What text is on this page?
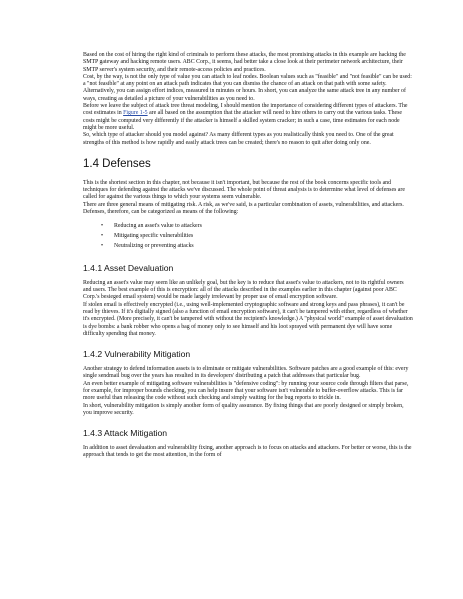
Based on the cost of hiring the right kind of criminals to perform these attacks, the most promising attacks in this example are hacking the SMTP gateway and hacking remote users. ABC Corp., it seems, had better take a close look at their perimeter network architecture, their SMTP server's system security, and their remote-access policies and practices.

Cost, by the way, is not the only type of value you can attach to leaf nodes. Boolean values such as "feasible" and "not feasible" can be used: a "not feasible" at any point on an attack path indicates that you can dismiss the chance of an attack on that path with some safety. Alternatively, you can assign effort indices, measured in minutes or hours. In short, you can analyze the same attack tree in any number of ways, creating as detailed a picture of your vulnerabilities as you need to.

Before we leave the subject of attack tree threat modeling, I should mention the importance of considering different types of attackers. The cost estimates in Figure 1-5 are all based on the assumption that the attacker will need to hire others to carry out the various tasks. These costs might be computed very differently if the attacker is himself a skilled system cracker; in such a case, time estimates for each node might be more useful.

So, which type of attacker should you model against? As many different types as you realistically think you need to. One of the great strengths of this method is how rapidly and easily attack trees can be created; there's no reason to quit after doing only one.

1.4 Defenses

This is the shortest section in this chapter, not because it isn't important, but because the rest of the book concerns specific tools and techniques for defending against the attacks we've discussed. The whole point of threat analysis is to determine what level of defenses are called for against the various things to which your systems seem vulnerable.

There are three general means of mitigating risk. A risk, as we've said, is a particular combination of assets, vulnerabilities, and attackers. Defenses, therefore, can be categorized as means of the following:

• Reducing an asset's value to attackers
• Mitigating specific vulnerabilities
• Neutralizing or preventing attacks
1.4.1 Asset Devaluation

Reducing an asset's value may seem like an unlikely goal, but the key is to reduce that asset's value to attackers, not to its rightful owners and users. The best example of this is encryption: all of the attacks described in the examples earlier in this chapter (against poor ABC Corp.'s besieged email system) would be made largely irrelevant by proper use of email encryption software.

If stolen email is effectively encrypted (i.e., using well-implemented cryptographic software and strong keys and pass phrases), it can't be read by thieves. If it's digitally signed (also a function of email encryption software), it can't be tampered with either, regardless of whether it's encrypted. (More precisely, it can't be tampered with without the recipient's knowledge.) A "physical world" example of asset devaluation is dye bombs: a bank robber who opens a bag of money only to see himself and his loot sprayed with permanent dye will have some difficulty spending that money.

1.4.2 Vulnerability Mitigation

Another strategy to defend information assets is to eliminate or mitigate vulnerabilities. Software patches are a good example of this: every single sendmail bug over the years has resulted in its developers' distributing a patch that addresses that particular bug.

An even better example of mitigating software vulnerabilities is "defensive coding": by running your source code through filters that parse, for example, for improper bounds checking, you can help insure that your software isn't vulnerable to buffer-overflow attacks. This is far more useful than releasing the code without such checking and simply waiting for the bug reports to trickle in.

In short, vulnerability mitigation is simply another form of quality assurance. By fixing things that are poorly designed or simply broken, you improve security.

1.4.3 Attack Mitigation

In addition to asset devaluation and vulnerability fixing, another approach is to focus on attacks and attackers. For better or worse, this is the approach that tends to get the most attention, in the form of
